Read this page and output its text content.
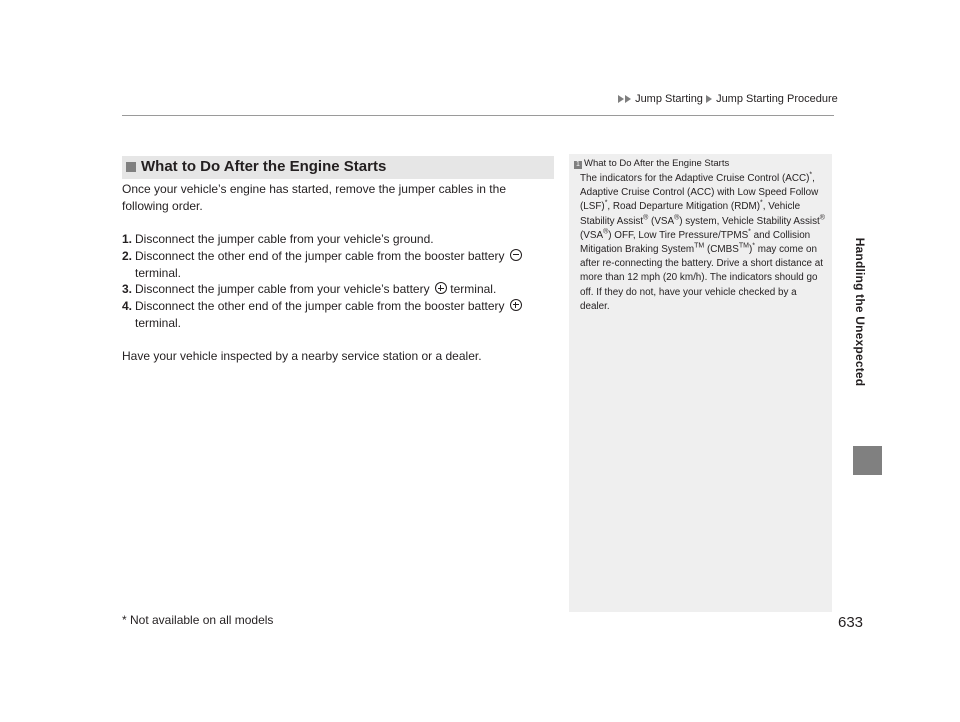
Jump Starting Jump Starting Procedure
Handling the Unexpected
What to Do After the Engine Starts

Once your vehicle’s engine has started, remove the jumper cables in the following order.

1. Disconnect the jumper cable from your vehicle’s ground.
2. Disconnect the other end of the jumper cable from the booster battery
terminal.
3. Disconnect the jumper cable from your vehicle’s battery terminal.
4. Disconnect the other end of the jumper cable from the booster battery
terminal.

Have your vehicle inspected by a nearby service station or a dealer.

1 What to Do After the Engine Starts
The indicators for the Adaptive Cruise Control (ACC)*, Adaptive Cruise Control (ACC) with Low Speed Follow (LSF)*, Road Departure Mitigation (RDM)*, Vehicle Stability Assist® (VSA®) system, Vehicle Stability Assist® (VSA®) OFF, Low Tire Pressure/TPMS* and Collision Mitigation Braking System™ (CMBS™)* may come on after re-connecting the battery. Drive a short distance at more than 12 mph (20 km/h). The indicators should go off. If they do not, have your vehicle checked by a dealer.
* Not available on all models	633
